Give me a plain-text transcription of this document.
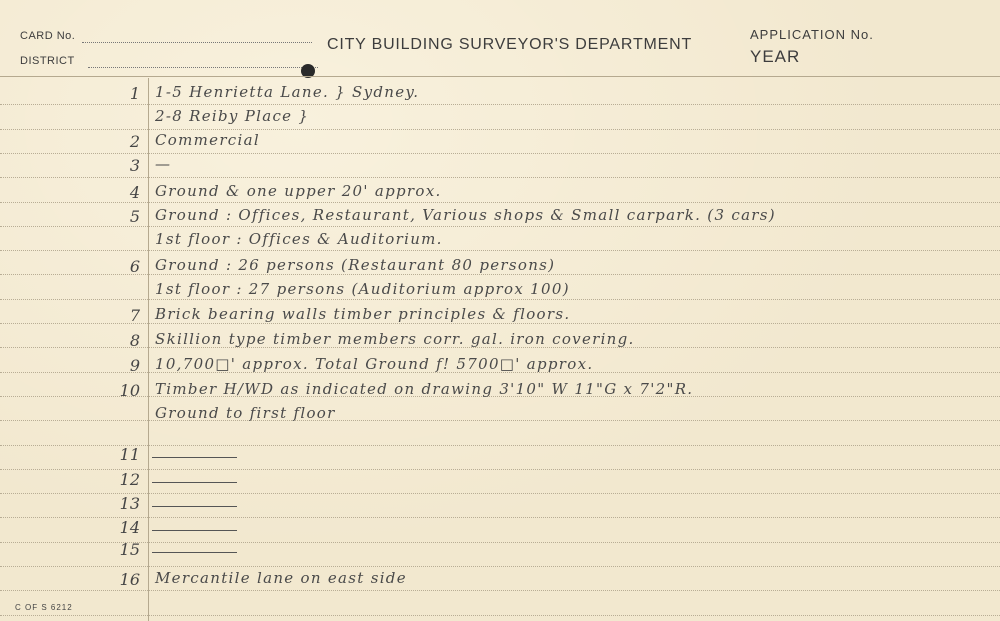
CARD No.
DISTRICT
CITY BUILDING SURVEYOR'S DEPARTMENT
APPLICATION No.
YEAR
1 1-5 Henrietta Lane. } Sydney.
2-8 Reiby Place }
2 Commercial
3 —
4 Ground & one upper 20' approx.
5 Ground : Offices, Restaurant, Various shops & Small carpark. (3 cars)
1st floor : Offices & Auditorium.
6 Ground : 26 persons (Restaurant 80 persons)
1st floor : 27 persons (Auditorium approx 100)
7 Brick bearing walls timber principles & floors.
8 Skillion type timber members corr. gal. iron covering.
9 10,700□' approx. Total Ground f! 5700□' approx.
10 Timber H/WD as indicated on drawing 3'10" W 11"G x 7'2"R.
Ground to first floor
11
12
13
14
15
16 Mercantile lane on east side
C OF S 6212
